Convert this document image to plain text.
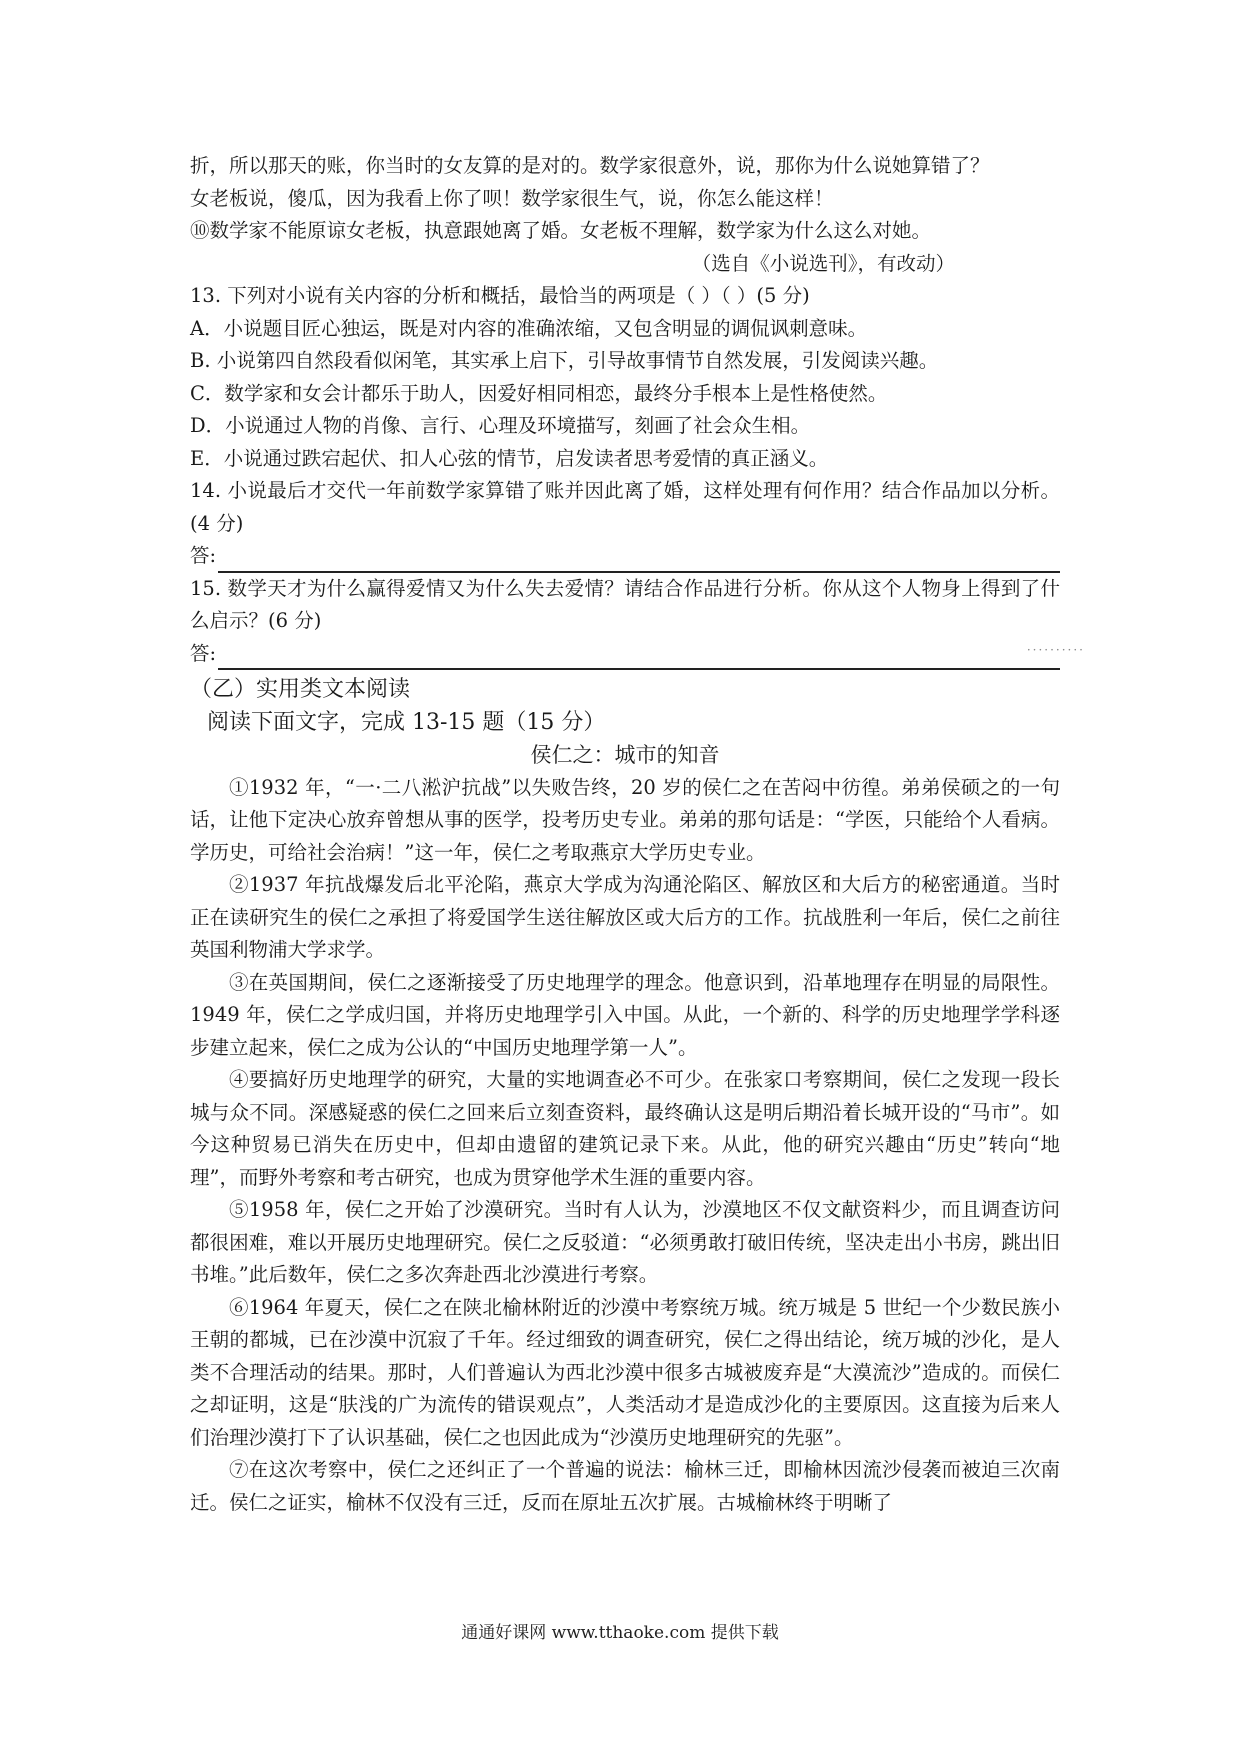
折，所以那天的账，你当时的女友算的是对的。数学家很意外，说，那你为什么说她算错了？
女老板说，傻瓜，因为我看上你了呗！数学家很生气，说，你怎么能这样！
⑩数学家不能原谅女老板，执意跟她离了婚。女老板不理解，数学家为什么这么对她。
（选自《小说选刊》，有改动）
13. 下列对小说有关内容的分析和概括，最恰当的两项是（ ）（ ）(5 分)
A．小说题目匠心独运，既是对内容的准确浓缩，又包含明显的调侃讽刺意味。
B. 小说第四自然段看似闲笔，其实承上启下，引导故事情节自然发展，引发阅读兴趣。
C．数学家和女会计都乐于助人，因爱好相同相恋，最终分手根本上是性格使然。
D．小说通过人物的肖像、言行、心理及环境描写，刻画了社会众生相。
E．小说通过跌宕起伏、扣人心弦的情节，启发读者思考爱情的真正涵义。
14. 小说最后才交代一年前数学家算错了账并因此离了婚，这样处理有何作用？结合作品加以分析。(4 分)
答:
15. 数学天才为什么赢得爱情又为什么失去爱情？请结合作品进行分析。你从这个人物身上得到了什么启示？(6 分)
答:	··········
（乙）实用类文本阅读
阅读下面文字，完成 13-15 题（15 分）
侯仁之：城市的知音
①1932 年，“一·二八淞沪抗战”以失败告终，20 岁的侯仁之在苦闷中彷徨。弟弟侯硕之的一句话，让他下定决心放弃曾想从事的医学，投考历史专业。弟弟的那句话是：“学医，只能给个人看病。学历史，可给社会治病！”这一年，侯仁之考取燕京大学历史专业。
②1937 年抗战爆发后北平沦陷，燕京大学成为沟通沦陷区、解放区和大后方的秘密通道。当时正在读研究生的侯仁之承担了将爱国学生送往解放区或大后方的工作。抗战胜利一年后，侯仁之前往英国利物浦大学求学。
③在英国期间，侯仁之逐渐接受了历史地理学的理念。他意识到，沿革地理存在明显的局限性。1949 年，侯仁之学成归国，并将历史地理学引入中国。从此，一个新的、科学的历史地理学学科逐步建立起来，侯仁之成为公认的“中国历史地理学第一人”。
④要搞好历史地理学的研究，大量的实地调查必不可少。在张家口考察期间，侯仁之发现一段长城与众不同。深感疑惑的侯仁之回来后立刻查资料，最终确认这是明后期沿着长城开设的“马市”。如今这种贸易已消失在历史中，但却由遗留的建筑记录下来。从此，他的研究兴趣由“历史”转向“地理”，而野外考察和考古研究，也成为贯穿他学术生涯的重要内容。
⑤1958 年，侯仁之开始了沙漠研究。当时有人认为，沙漠地区不仅文献资料少，而且调查访问都很困难，难以开展历史地理研究。侯仁之反驳道：“必须勇敢打破旧传统，坚决走出小书房，跳出旧书堆。”此后数年，侯仁之多次奔赴西北沙漠进行考察。
⑥1964 年夏天，侯仁之在陕北榆林附近的沙漠中考察统万城。统万城是 5 世纪一个少数民族小王朝的都城，已在沙漠中沉寂了千年。经过细致的调查研究，侯仁之得出结论，统万城的沙化，是人类不合理活动的结果。那时，人们普遍认为西北沙漠中很多古城被废弃是“大漠流沙”造成的。而侯仁之却证明，这是“肤浅的广为流传的错误观点”，人类活动才是造成沙化的主要原因。这直接为后来人们治理沙漠打下了认识基础，侯仁之也因此成为“沙漠历史地理研究的先驱”。
⑦在这次考察中，侯仁之还纠正了一个普遍的说法：榆林三迁，即榆林因流沙侵袭而被迫三次南迁。侯仁之证实，榆林不仅没有三迁，反而在原址五次扩展。古城榆林终于明晰了
通通好课网 www.tthaoke.com 提供下载
